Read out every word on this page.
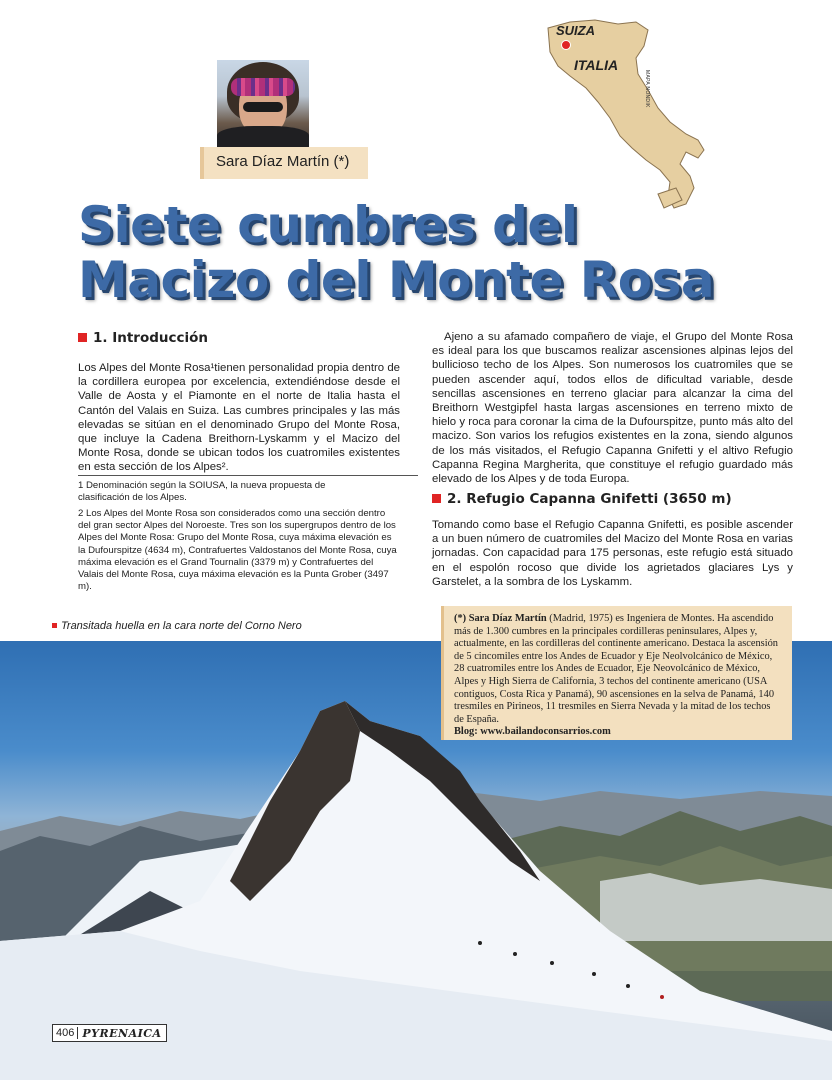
Sara Díaz Martín (*)
SUIZA
ITALIA
MAPA NONDIK
Siete cumbres del
Macizo del Monte Rosa
1. Introducción
Los Alpes del Monte Rosa¹tienen personalidad propia dentro de la cordillera europea por excelencia, extendiéndose desde el Valle de Aosta y el Piamonte en el norte de Italia hasta el Cantón del Valais en Suiza. Las cumbres principales y las más elevadas se sitúan en el denominado Grupo del Monte Rosa, que incluye la Cadena Breithorn-Lyskamm y el Macizo del Monte Rosa, donde se ubican todos los cuatromiles existentes en esta sección de los Alpes².
1 Denominación según la SOIUSA, la nueva propuesta de clasificación de los Alpes.
2 Los Alpes del Monte Rosa son considerados como una sección dentro del gran sector Alpes del Noroeste. Tres son los supergrupos dentro de los Alpes del Monte Rosa: Grupo del Monte Rosa, cuya máxima elevación es la Dufourspitze (4634 m), Contrafuertes Valdostanos del Monte Rosa, cuya máxima elevación es el Grand Tournalin (3379 m) y Contrafuertes del Valais del Monte Rosa, cuya máxima elevación es la Punta Grober (3497 m).
Ajeno a su afamado compañero de viaje, el Grupo del Monte Rosa es ideal para los que buscamos realizar ascensiones alpinas lejos del bullicioso techo de los Alpes. Son numerosos los cuatromiles que se pueden ascender aquí, todos ellos de dificultad variable, desde sencillas ascensiones en terreno glaciar para alcanzar la cima del Breithorn Westgipfel hasta largas ascensiones en terreno mixto de hielo y roca para coronar la cima de la Dufourspitze, punto más alto del macizo. Son varios los refugios existentes en la zona, siendo algunos de los más visitados, el Refugio Capanna Gnifetti y el altivo Refugio Capanna Regina Margherita, que constituye el refugio guardado más elevado de los Alpes y de toda Europa.
2. Refugio Capanna Gnifetti (3650 m)
Tomando como base el Refugio Capanna Gnifetti, es posible ascender a un buen número de cuatromiles del Macizo del Monte Rosa en varias jornadas. Con capacidad para 175 personas, este refugio está situado en el espolón rocoso que divide los agrietados glaciares Lys y Garstelet, a la sombra de los Lyskamm.
Transitada huella en la cara norte del Corno Nero
(*) Sara Díaz Martín (Madrid, 1975) es Ingeniera de Montes. Ha ascendido más de 1.300 cumbres en la principales cordilleras peninsulares, Alpes y, actualmente, en las cordilleras del continente americano. Destaca la ascensión de 5 cincomiles entre los Andes de Ecuador y Eje Neolvolcánico de México, 28 cuatromiles entre los Andes de Ecuador, Eje Neovolcánico de México, Alpes y High Sierra de California, 3 techos del continente americano (USA contiguos, Costa Rica y Panamá), 90 ascensiones en la selva de Panamá, 140 tresmiles en Pirineos, 11 tresmiles en Sierra Nevada y la mitad de los techos de España.
Blog: www.bailandoconsarrios.com
406 PYRENAICA
